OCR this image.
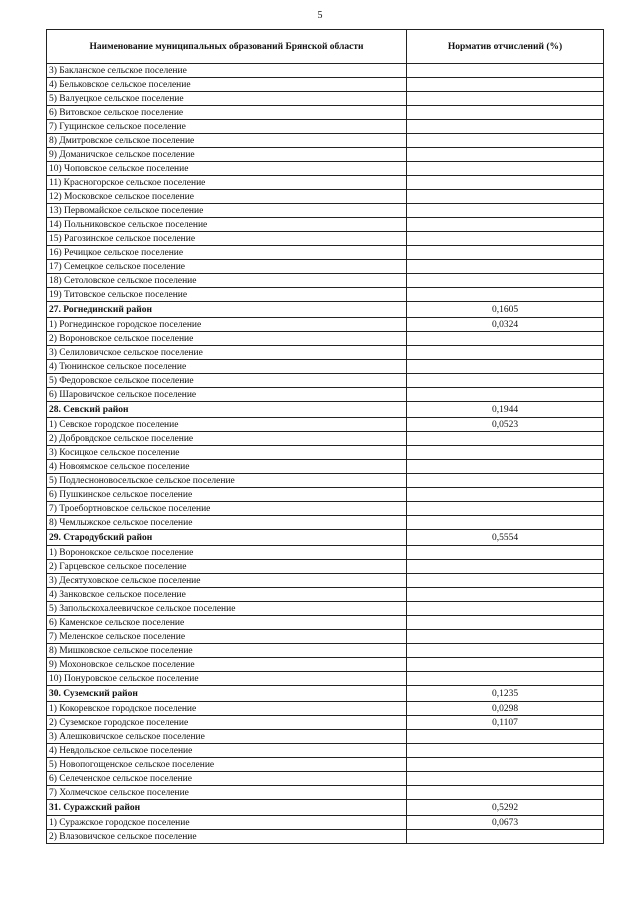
5
Наименование муниципальных образований Брянской области	Норматив отчислений (%)
3) Бакланское сельское поселение	
4) Бельковское сельское поселение	
5) Валуецкое сельское поселение	
6) Витовское сельское поселение	
7) Гущинское сельское поселение	
8) Дмитровское сельское поселение	
9) Доманичское сельское поселение	
10) Чоповское сельское поселение	
11) Красногорское сельское поселение	
12) Московское сельское поселение	
13) Первомайское сельское поселение	
14) Польниковское сельское поселение	
15) Рагозинское сельское поселение	
16) Речицкое сельское поселение	
17) Семецкое сельское поселение	
18) Сетоловское сельское поселение	
19) Титовское сельское поселение	
27. Рогнединский район	0,1605
1) Рогнединское городское поселение	0,0324
2) Вороновское сельское поселение	
3) Селиловичское сельское поселение	
4) Тюнинское сельское поселение	
5) Федоровское сельское поселение	
6) Шаровичское сельское поселение	
28. Севский район	0,1944
1) Севское городское поселение	0,0523
2) Добровдское сельское поселение	
3) Косицкое сельское поселение	
4) Новоямское сельское поселение	
5) Подлесноновосельское сельское поселение	
6) Пушкинское сельское поселение	
7) Троебортновское сельское поселение	
8) Чемлыжское сельское поселение	
29. Стародубский район	0,5554
1) Воронокское сельское поселение	
2) Гарцевское сельское поселение	
3) Десятуховское сельское поселение	
4) Занковское сельское поселение	
5) Запольскохалеевичское сельское поселение	
6) Каменское сельское поселение	
7) Меленское сельское поселение	
8) Мишковское сельское поселение	
9) Мохоновское сельское поселение	
10) Понуровское сельское поселение	
30. Суземский район	0,1235
1) Кокоревское городское поселение	0,0298
2) Суземское городское поселение	0,1107
3) Алешковичское сельское поселение	
4) Невдольское сельское поселение	
5) Новопогощенское сельское поселение	
6) Селеченское сельское поселение	
7) Холмечское сельское поселение	
31. Суражский район	0,5292
1) Суражское городское поселение	0,0673
2) Влазовичское сельское поселение	
